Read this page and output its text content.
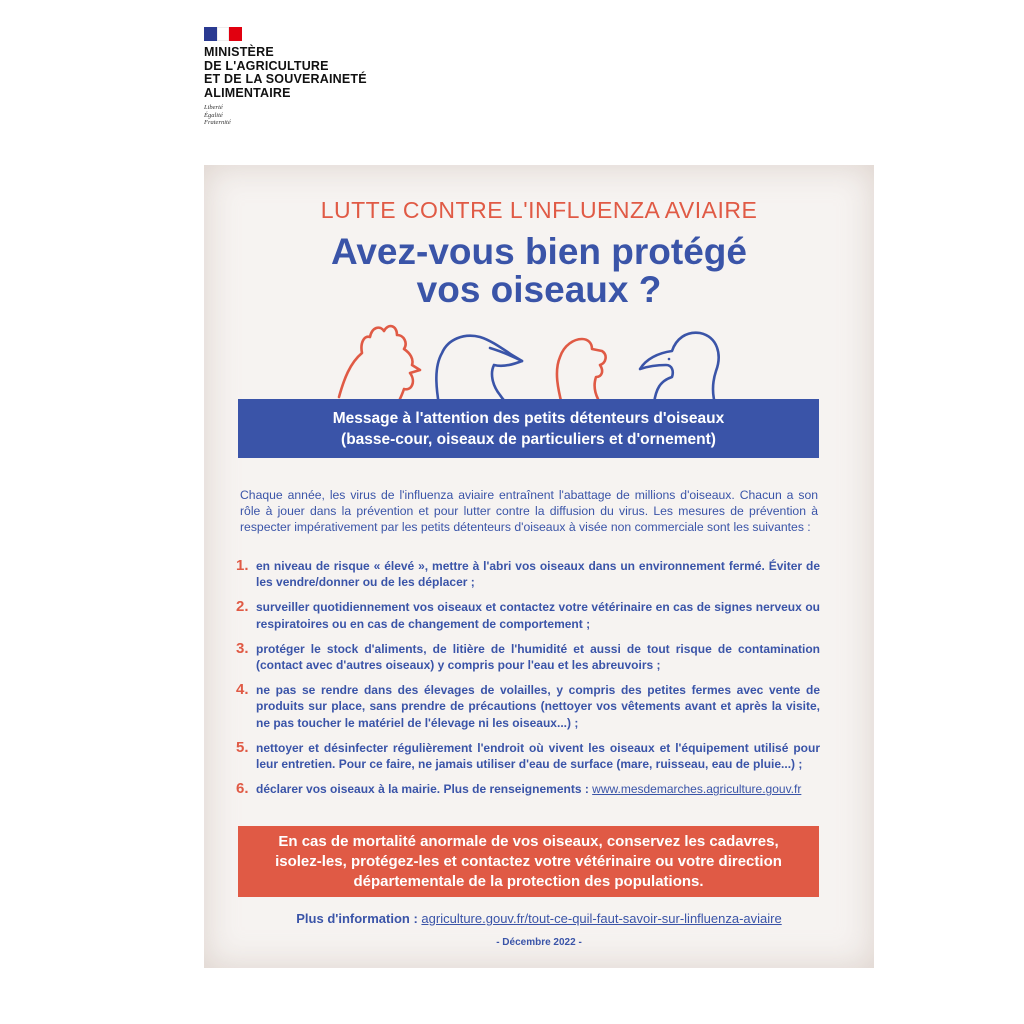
MINISTÈRE
DE L'AGRICULTURE
ET DE LA SOUVERAINETÉ
ALIMENTAIRE
Liberté
Égalité
Fraternité
LUTTE CONTRE L'INFLUENZA AVIAIRE
Avez-vous bien protégé
vos oiseaux ?
Message à l'attention des petits détenteurs d'oiseaux
(basse-cour, oiseaux de particuliers et d'ornement)
Chaque année, les virus de l'influenza aviaire entraînent l'abattage de millions d'oiseaux. Chacun a son rôle à jouer dans la prévention et pour lutter contre la diffusion du virus. Les mesures de prévention à respecter impérativement par les petits détenteurs d'oiseaux à visée non commerciale sont les suivantes :
1. en niveau de risque « élevé », mettre à l'abri vos oiseaux dans un environnement fermé. Éviter de les vendre/donner ou de les déplacer ;
2. surveiller quotidiennement vos oiseaux et contactez votre vétérinaire en cas de signes nerveux ou respiratoires ou en cas de changement de comportement ;
3. protéger le stock d'aliments, de litière de l'humidité et aussi de tout risque de contamination (contact avec d'autres oiseaux) y compris pour l'eau et les abreuvoirs ;
4. ne pas se rendre dans des élevages de volailles, y compris des petites fermes avec vente de produits sur place, sans prendre de précautions (nettoyer vos vêtements avant et après la visite, ne pas toucher le matériel de l'élevage ni les oiseaux...) ;
5. nettoyer et désinfecter régulièrement l'endroit où vivent les oiseaux et l'équipement utilisé pour leur entretien. Pour ce faire, ne jamais utiliser d'eau de surface (mare, ruisseau, eau de pluie...) ;
6. déclarer vos oiseaux à la mairie. Plus de renseignements : www.mesdemarches.agriculture.gouv.fr
En cas de mortalité anormale de vos oiseaux, conservez les cadavres,
isolez-les, protégez-les et contactez votre vétérinaire ou votre direction
départementale de la protection des populations.
Plus d'information : agriculture.gouv.fr/tout-ce-quil-faut-savoir-sur-linfluenza-aviaire
- Décembre 2022 -
